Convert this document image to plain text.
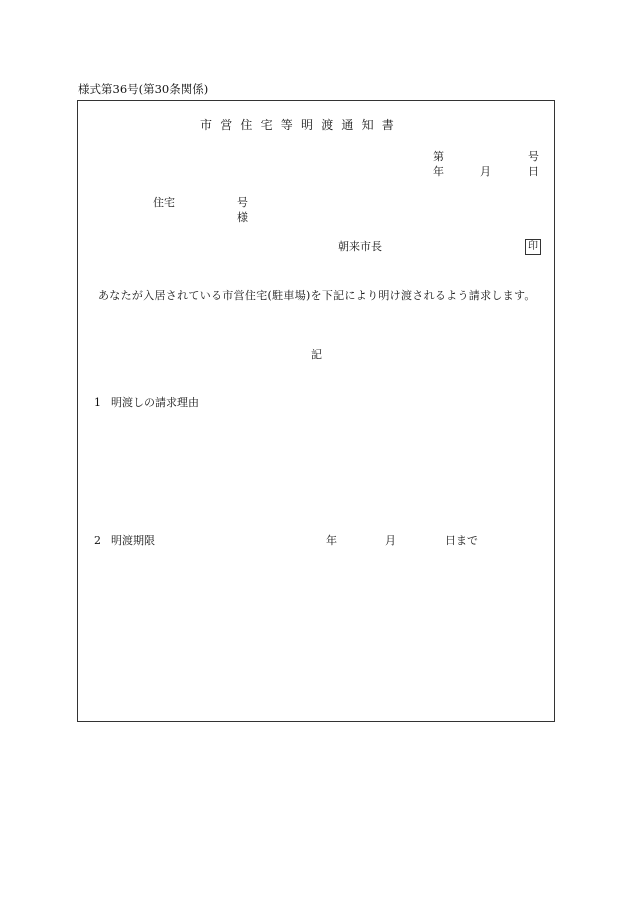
様式第36号(第30条関係)
市営住宅等明渡通知書
第	号
年	月	日
住宅	号
様
朝来市長	印
あなたが入居されている市営住宅(駐車場)を下記により明け渡されるよう請求します。
記
1 明渡しの請求理由
2 明渡期限	年	月	日まで
